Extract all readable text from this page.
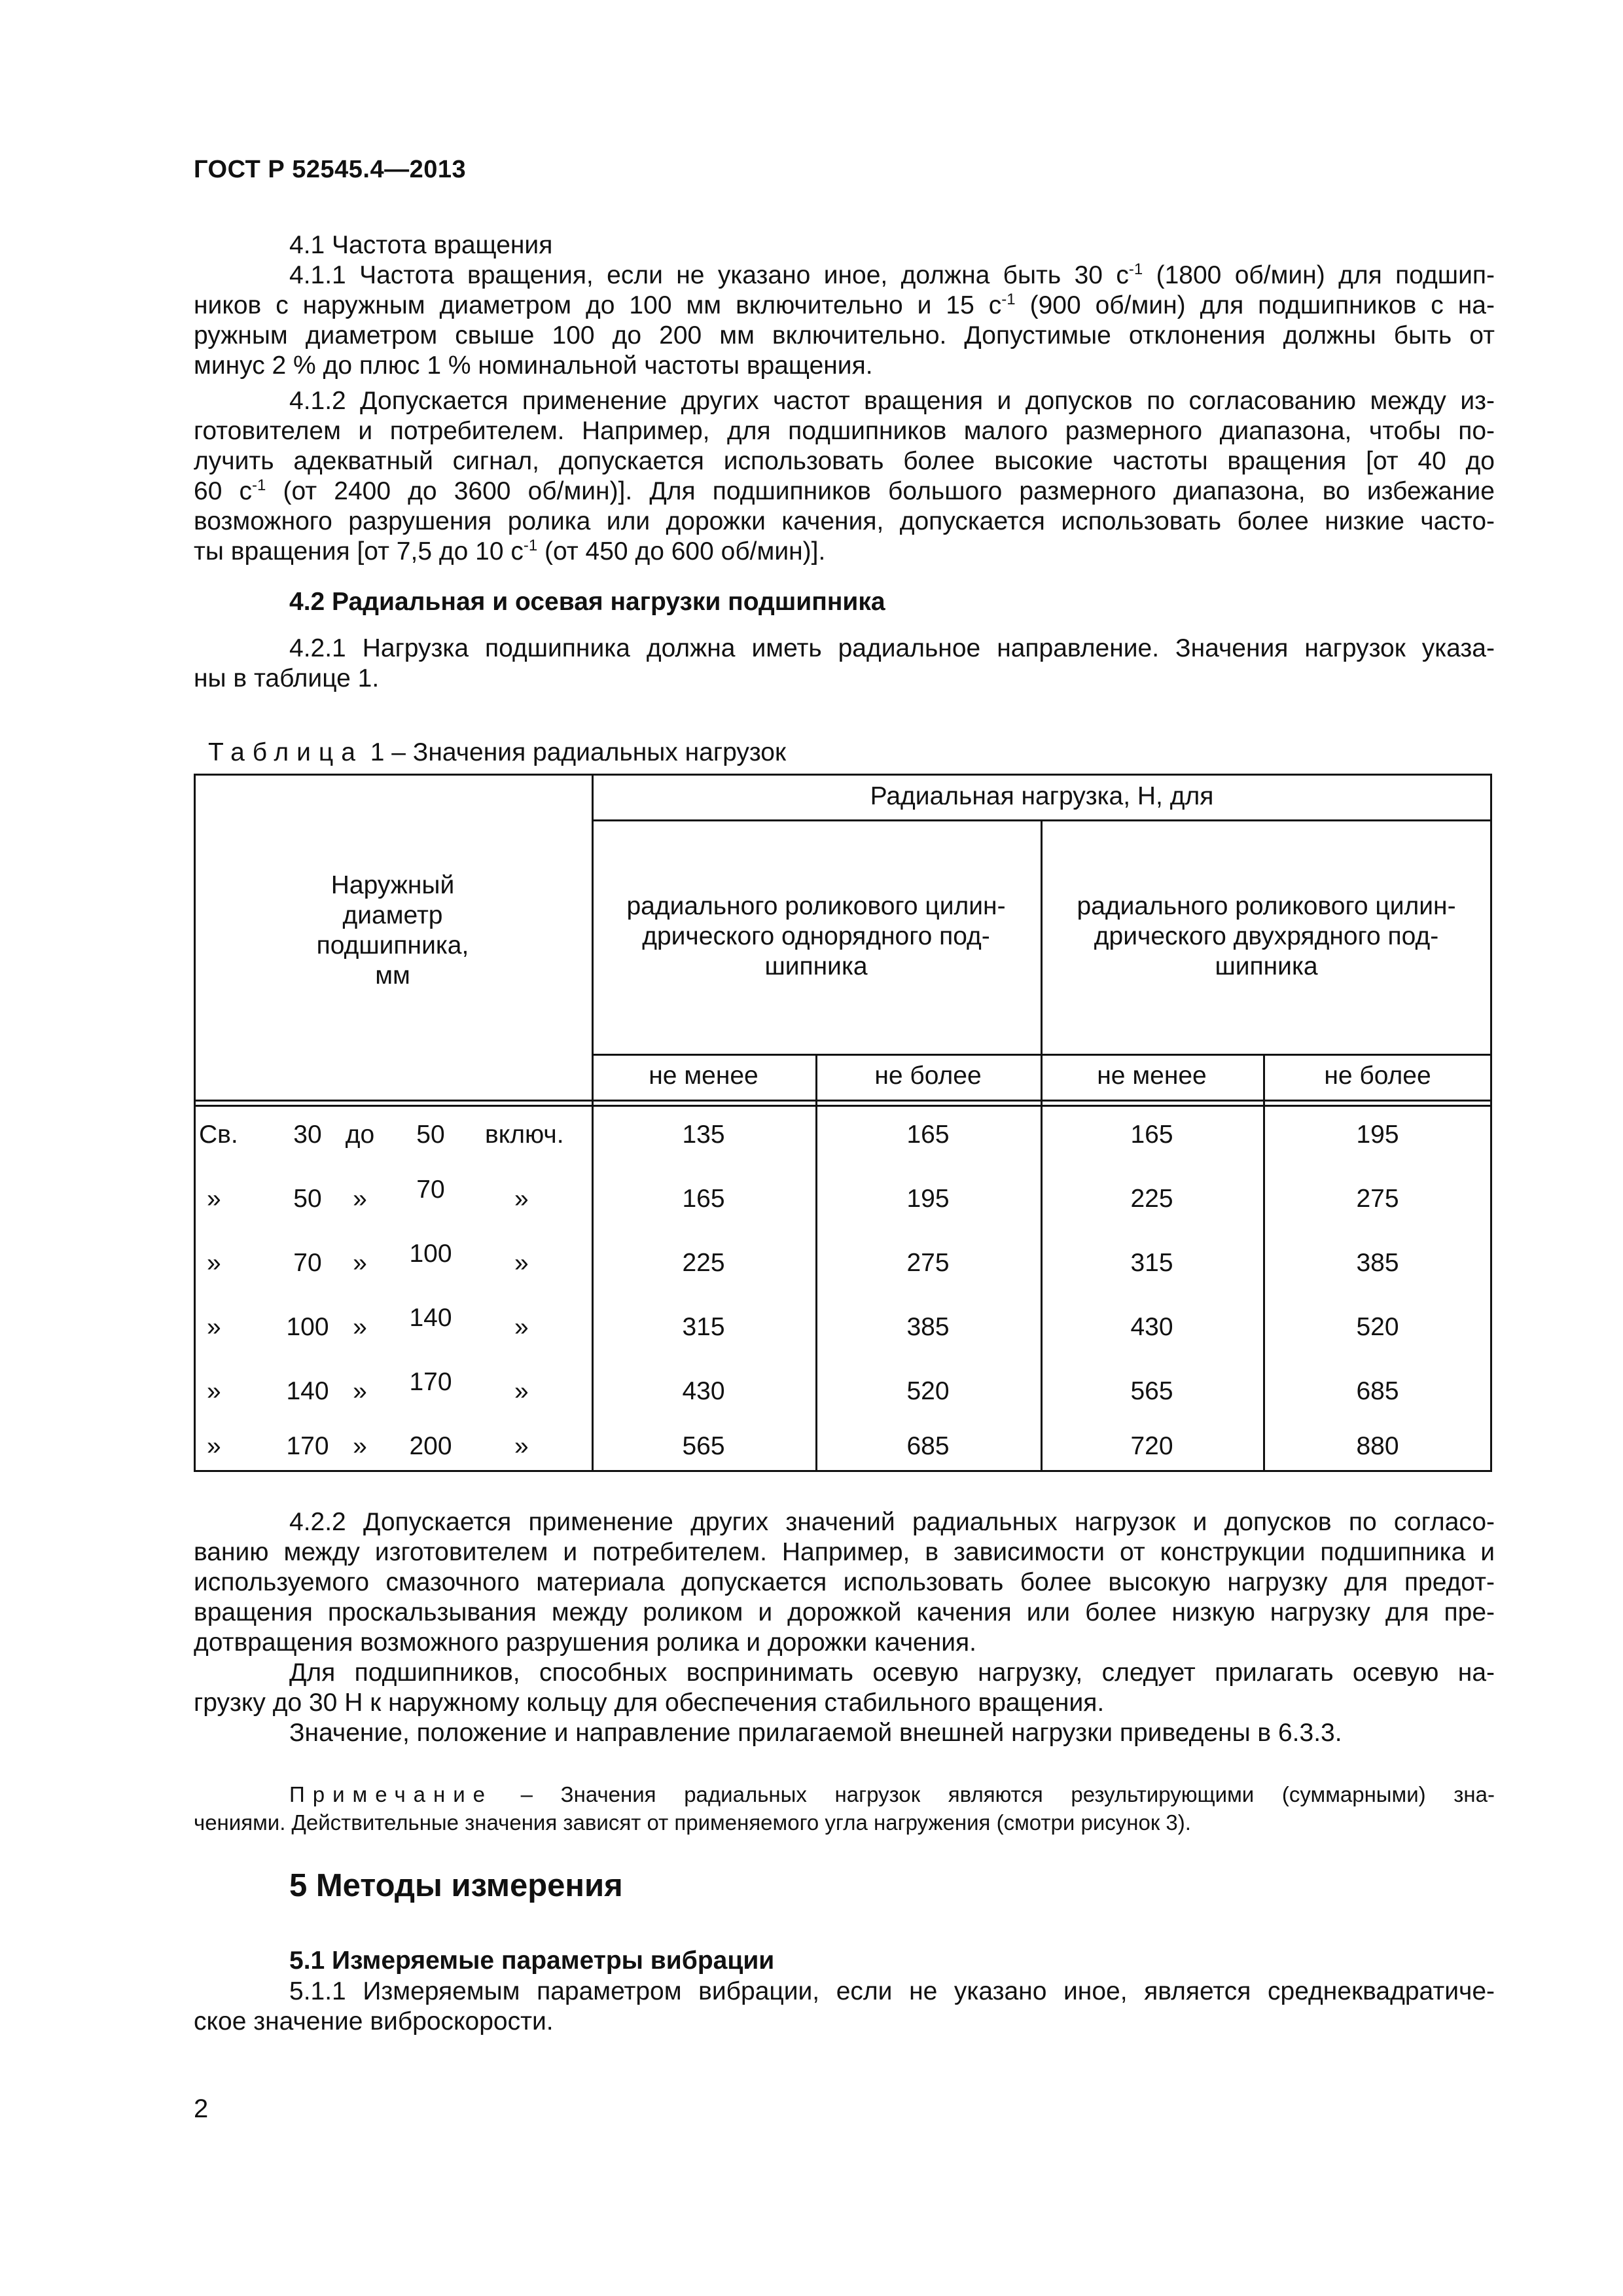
ГОСТ Р 52545.4—2013
4.1 Частота вращения
4.1.1 Частота вращения, если не указано иное, должна быть 30 $с^{-1}$ (1800 об/мин) для подшип-
ников с наружным диаметром до 100 мм включительно и 15 $с^{-1}$ (900 об/мин) для подшипников с на-
ружным диаметром свыше 100 до 200 мм включительно. Допустимые отклонения должны быть от
минус 2 % до плюс 1 % номинальной частоты вращения.
4.1.2 Допускается применение других частот вращения и допусков по согласованию между из-
готовителем и потребителем. Например, для подшипников малого размерного диапазона, чтобы по-
лучить адекватный сигнал, допускается использовать более высокие частоты вращения [от 40 до
60 $с^{-1}$ (от 2400 до 3600 об/мин)]. Для подшипников большого размерного диапазона, во избежание
возможного разрушения ролика или дорожки качения, допускается использовать более низкие часто-
ты вращения [от 7,5 до 10 $с^{-1}$ (от 450 до 600 об/мин)].
4.2 Радиальная и осевая нагрузки подшипника
4.2.1 Нагрузка подшипника должна иметь радиальное направление. Значения нагрузок указа-
ны в таблице 1.
Таблица 1 – Значения радиальных нагрузок
Наружный
диаметр
подшипника,
мм
Радиальная нагрузка, Н, для
радиального роликового цилин-
дрического однорядного под-
шипника
радиального роликового цилин-
дрического двухрядного под-
шипника
не менее	не более	не менее	не более
Св.	30 до	50	включ.	135	165	165	195
»	50	»	70	»	165	195	225	275
»	70	»	100	»	225	275	315	385
»	100 »	140	»	315	385	430	520
»	140 »	170	»	430	520	565	685
»	170 »	200	»	565	685	720	880
4.2.2 Допускается применение других значений радиальных нагрузок и допусков по согласо-
ванию между изготовителем и потребителем. Например, в зависимости от конструкции подшипника и
используемого смазочного материала допускается использовать более высокую нагрузку для предот-
вращения проскальзывания между роликом и дорожкой качения или более низкую нагрузку для пре-
дотвращения возможного разрушения ролика и дорожки качения.
Для подшипников, способных воспринимать осевую нагрузку, следует прилагать осевую на-
грузку до 30 Н к наружному кольцу для обеспечения стабильного вращения.
Значение, положение и направление прилагаемой внешней нагрузки приведены в 6.3.3.
Примечание – Значения радиальных нагрузок являются результирующими (суммарными) зна-
чениями. Действительные значения зависят от применяемого угла нагружения (смотри рисунок 3).
5 Методы измерения
5.1 Измеряемые параметры вибрации
5.1.1 Измеряемым параметром вибрации, если не указано иное, является среднеквадратиче-
ское значение виброскорости.
2
